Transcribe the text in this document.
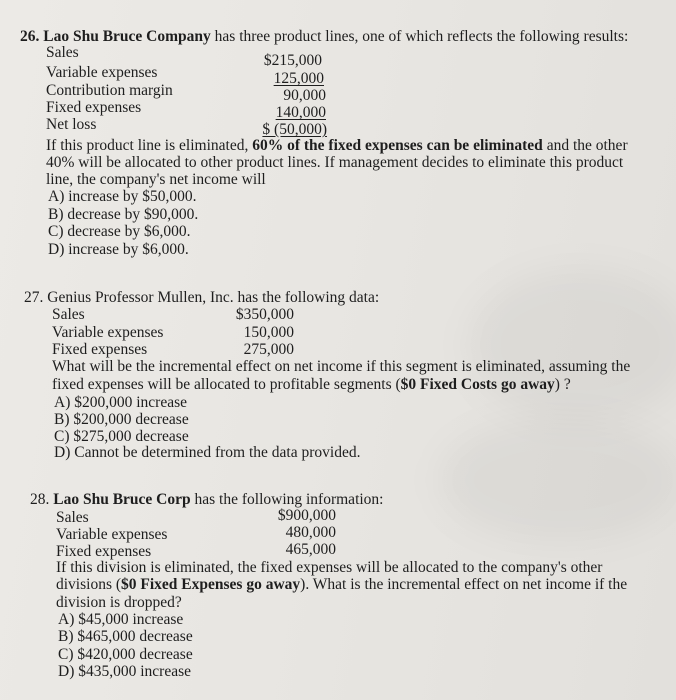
26. Lao Shu Bruce Company has three product lines, one of which reflects the following results:
Sales	$215,000
Variable expenses	125,000
Contribution margin	90,000
Fixed expenses	140,000
Net loss	$ (50,000)
If this product line is eliminated, 60% of the fixed expenses can be eliminated and the other
40% will be allocated to other product lines. If management decides to eliminate this product
line, the company's net income will
A) increase by $50,000.
B) decrease by $90,000.
C) decrease by $6,000.
D) increase by $6,000.
27. Genius Professor Mullen, Inc. has the following data:
Sales	$350,000
Variable expenses	150,000
Fixed expenses	275,000
What will be the incremental effect on net income if this segment is eliminated, assuming the
fixed expenses will be allocated to profitable segments ($0 Fixed Costs go away) ?
A) $200,000 increase
B) $200,000 decrease
C) $275,000 decrease
D) Cannot be determined from the data provided.
28. Lao Shu Bruce Corp has the following information:
Sales	$900,000
Variable expenses	480,000
Fixed expenses	465,000
If this division is eliminated, the fixed expenses will be allocated to the company's other
divisions ($0 Fixed Expenses go away). What is the incremental effect on net income if the
division is dropped?
A) $45,000 increase
B) $465,000 decrease
C) $420,000 decrease
D) $435,000 increase
